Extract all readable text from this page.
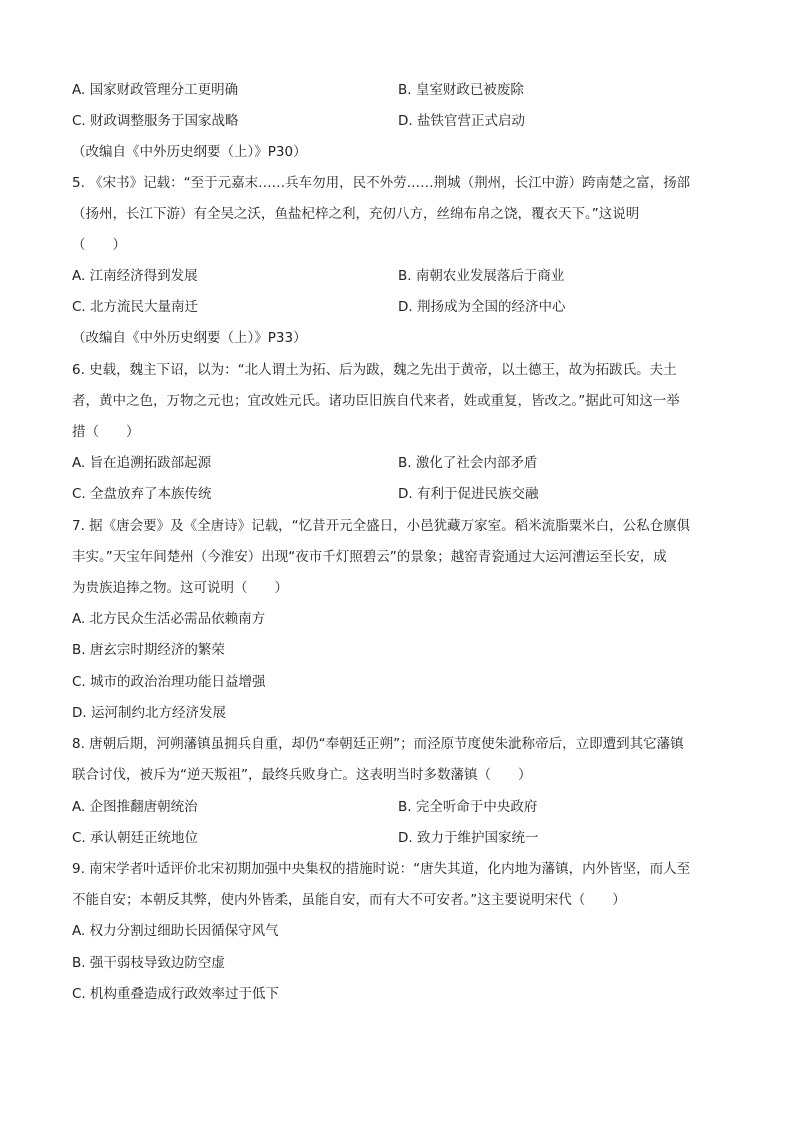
A. 国家财政管理分工更明确	B. 皇室财政已被废除
C. 财政调整服务于国家战略	D. 盐铁官营正式启动
（改编自《中外历史纲要（上）》P30）
5. 《宋书》记载：“至于元嘉末……兵车勿用，民不外劳……荆城（荆州，长江中游）跨南楚之富，扬部
（扬州，长江下游）有全吴之沃，鱼盐杞梓之利，充仞八方，丝绵布帛之饶，覆衣天下。”这说明
（　　）
A. 江南经济得到发展	B. 南朝农业发展落后于商业
C. 北方流民大量南迁	D. 荆扬成为全国的经济中心
（改编自《中外历史纲要（上）》P33）
6. 史载，魏主下诏，以为：“北人谓土为拓、后为跋，魏之先出于黄帝，以土德王，故为拓跋氏。夫土
者，黄中之色，万物之元也；宜改姓元氏。诸功臣旧族自代来者，姓或重复，皆改之。”据此可知这一举
措（　　）
A. 旨在追溯拓跋部起源	B. 激化了社会内部矛盾
C. 全盘放弃了本族传统	D. 有利于促进民族交融
7. 据《唐会要》及《全唐诗》记载，“忆昔开元全盛日，小邑犹藏万家室。稻米流脂粟米白，公私仓廪俱
丰实。”天宝年间楚州（今淮安）出现“夜市千灯照碧云”的景象；越窑青瓷通过大运河漕运至长安，成
为贵族追捧之物。这可说明（　　）
A. 北方民众生活必需品依赖南方
B. 唐玄宗时期经济的繁荣
C. 城市的政治治理功能日益增强
D. 运河制约北方经济发展
8. 唐朝后期，河朔藩镇虽拥兵自重，却仍“奉朝廷正朔”；而泾原节度使朱泚称帝后，立即遭到其它藩镇
联合讨伐，被斥为“逆天叛祖”，最终兵败身亡。这表明当时多数藩镇（　　）
A. 企图推翻唐朝统治	B. 完全听命于中央政府
C. 承认朝廷正统地位	D. 致力于维护国家统一
9. 南宋学者叶适评价北宋初期加强中央集权的措施时说：“唐失其道，化内地为藩镇，内外皆坚，而人至
不能自安；本朝反其弊，使内外皆柔，虽能自安，而有大不可安者。”这主要说明宋代（　　）
A. 权力分割过细助长因循保守风气
B. 强干弱枝导致边防空虚
C. 机构重叠造成行政效率过于低下
